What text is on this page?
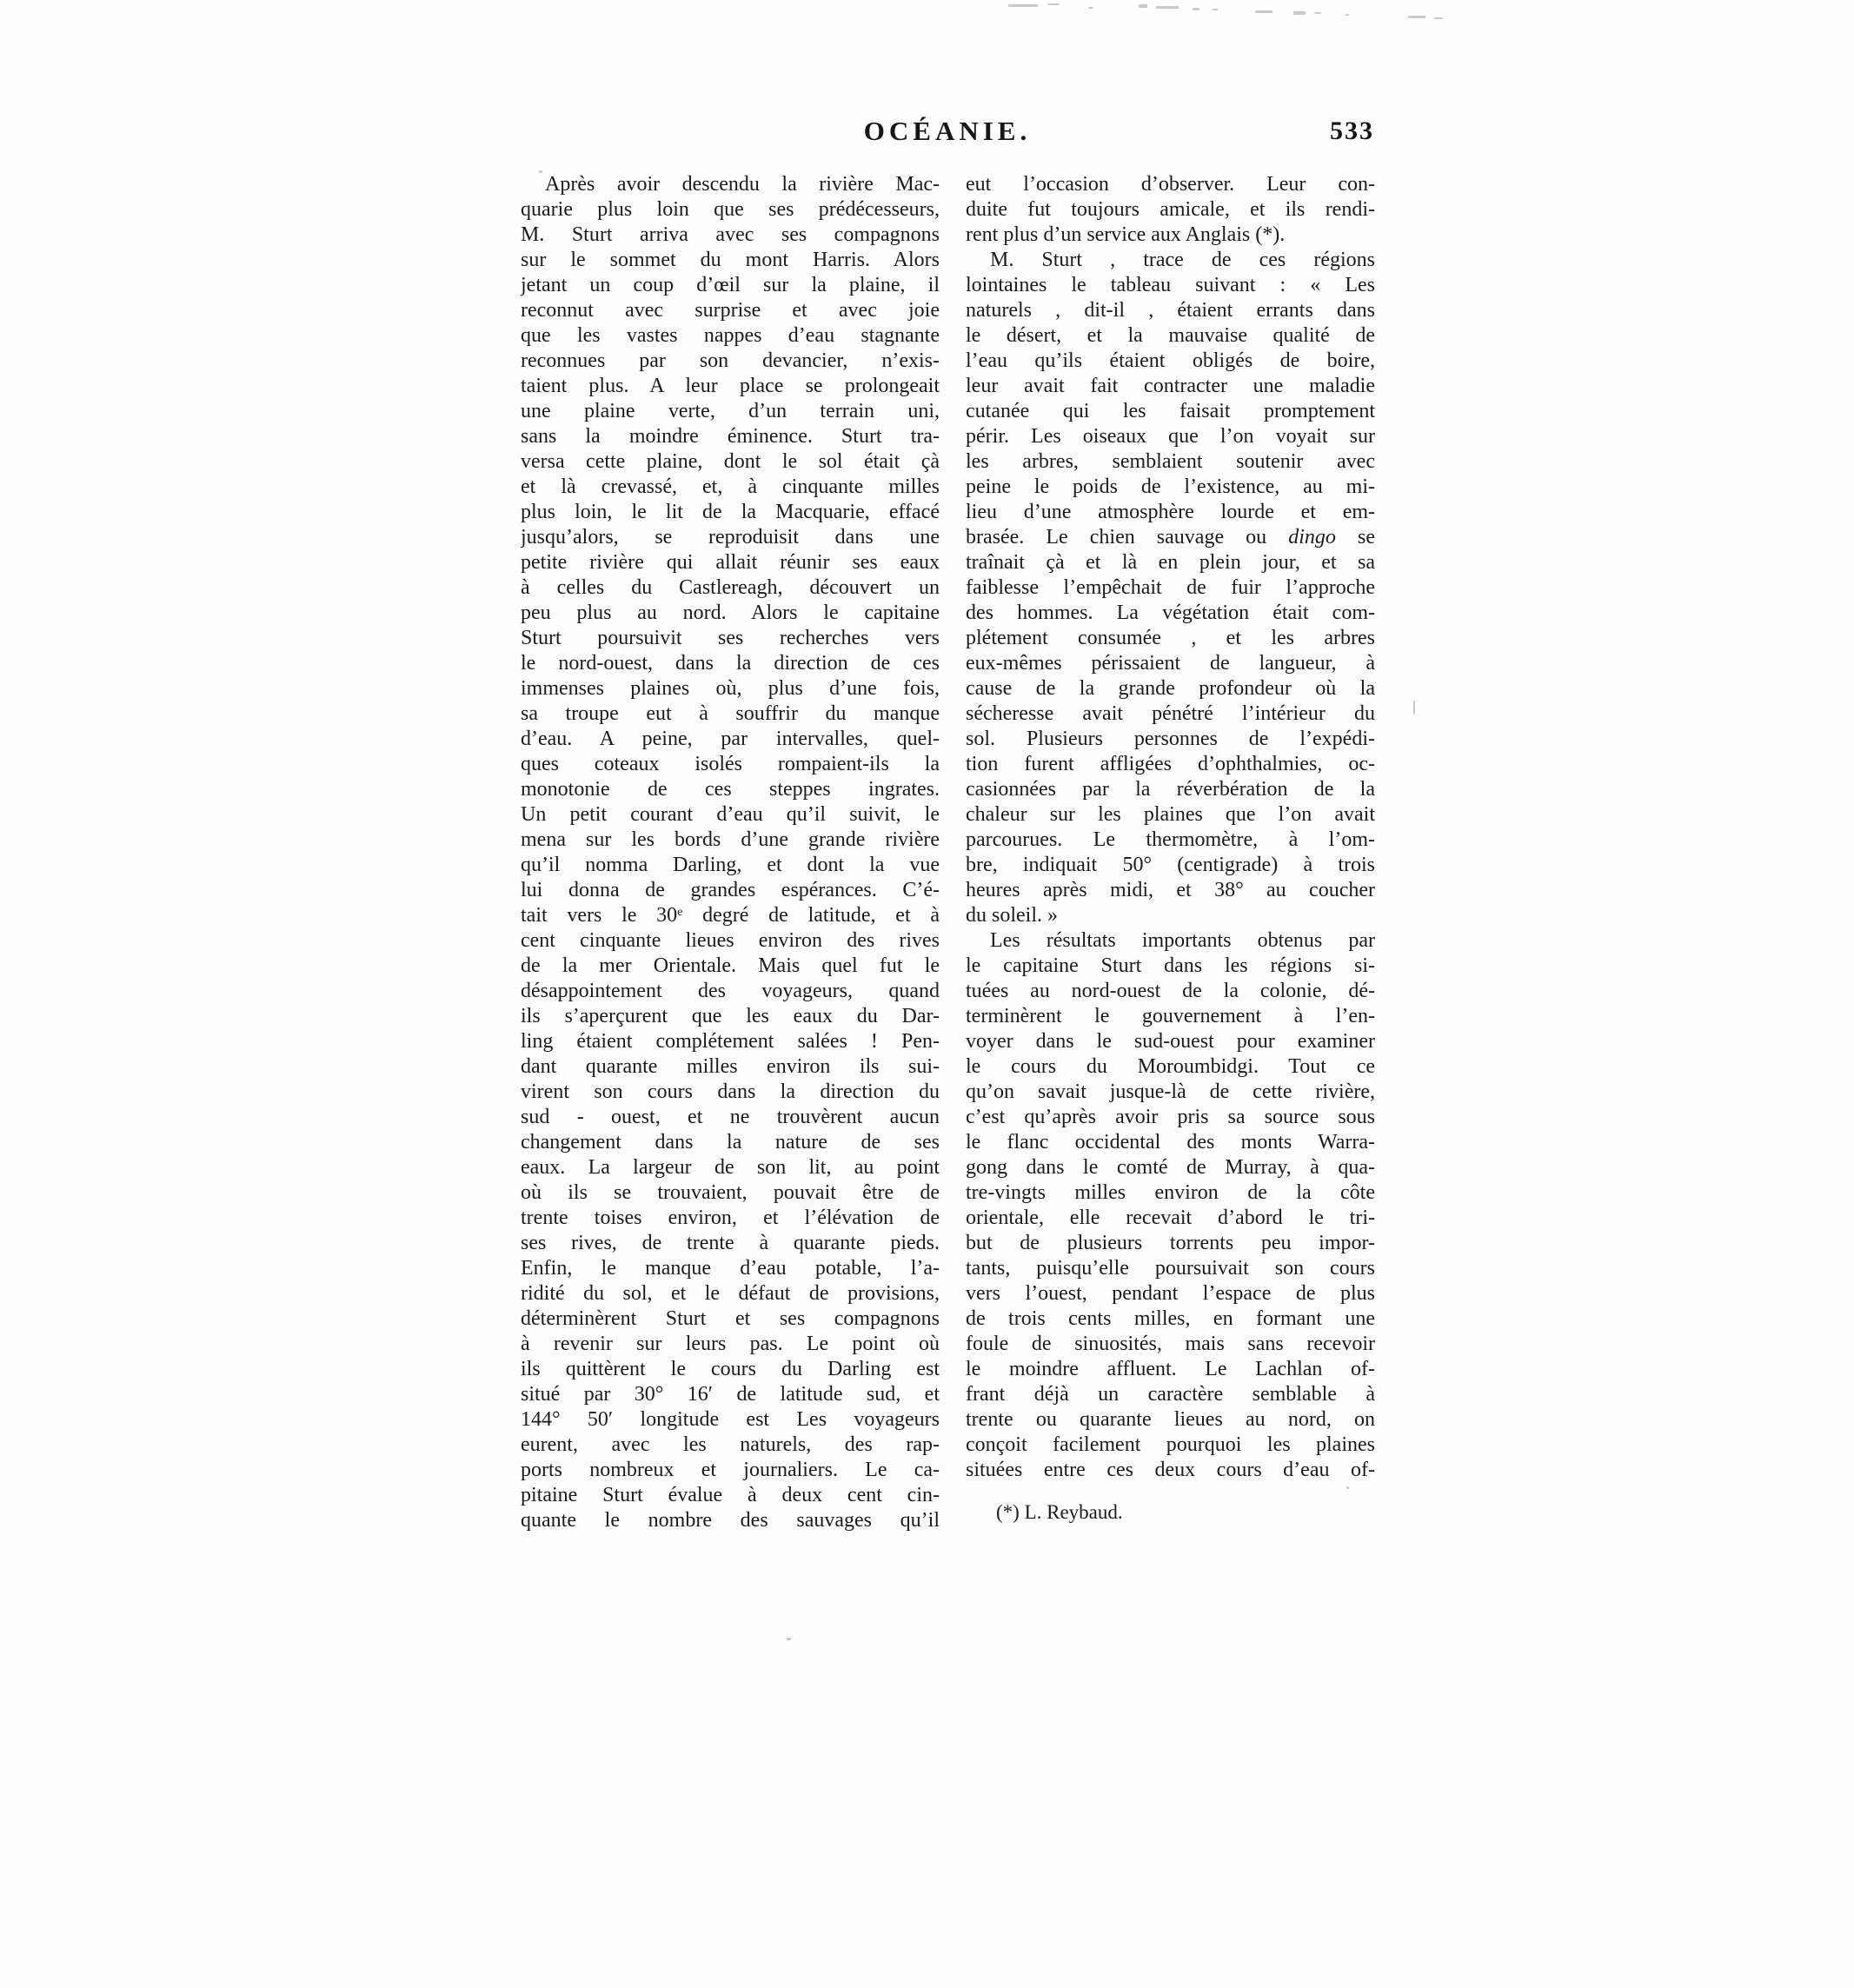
OCÉANIE.	533
Après avoir descendu la rivière Mac-
quarie plus loin que ses prédécesseurs,
M. Sturt arriva avec ses compagnons
sur le sommet du mont Harris. Alors
jetant un coup d’œil sur la plaine, il
reconnut avec surprise et avec joie
que les vastes nappes d’eau stagnante
reconnues par son devancier, n’exis-
taient plus. A leur place se prolongeait
une plaine verte, d’un terrain uni,
sans la moindre éminence. Sturt tra-
versa cette plaine, dont le sol était çà
et là crevassé, et, à cinquante milles
plus loin, le lit de la Macquarie, effacé
jusqu’alors, se reproduisit dans une
petite rivière qui allait réunir ses eaux
à celles du Castlereagh, découvert un
peu plus au nord. Alors le capitaine
Sturt poursuivit ses recherches vers
le nord-ouest, dans la direction de ces
immenses plaines où, plus d’une fois,
sa troupe eut à souffrir du manque
d’eau. A peine, par intervalles, quel-
ques coteaux isolés rompaient-ils la
monotonie de ces steppes ingrates.
Un petit courant d’eau qu’il suivit, le
mena sur les bords d’une grande rivière
qu’il nomma Darling, et dont la vue
lui donna de grandes espérances. C’é-
tait vers le 30e degré de latitude, et à
cent cinquante lieues environ des rives
de la mer Orientale. Mais quel fut le
désappointement des voyageurs, quand
ils s’aperçurent que les eaux du Dar-
ling étaient complétement salées ! Pen-
dant quarante milles environ ils sui-
virent son cours dans la direction du
sud - ouest, et ne trouvèrent aucun
changement dans la nature de ses
eaux. La largeur de son lit, au point
où ils se trouvaient, pouvait être de
trente toises environ, et l’élévation de
ses rives, de trente à quarante pieds.
Enfin, le manque d’eau potable, l’a-
ridité du sol, et le défaut de provisions,
déterminèrent Sturt et ses compagnons
à revenir sur leurs pas. Le point où
ils quittèrent le cours du Darling est
situé par 30° 16′ de latitude sud, et
144° 50′ longitude est Les voyageurs
eurent, avec les naturels, des rap-
ports nombreux et journaliers. Le ca-
pitaine Sturt évalue à deux cent cin-
quante le nombre des sauvages qu’il
eut l’occasion d’observer. Leur con-
duite fut toujours amicale, et ils rendi-
rent plus d’un service aux Anglais (*).
M. Sturt , trace de ces régions
lointaines le tableau suivant : « Les
naturels , dit-il , étaient errants dans
le désert, et la mauvaise qualité de
l’eau qu’ils étaient obligés de boire,
leur avait fait contracter une maladie
cutanée qui les faisait promptement
périr. Les oiseaux que l’on voyait sur
les arbres, semblaient soutenir avec
peine le poids de l’existence, au mi-
lieu d’une atmosphère lourde et em-
brasée. Le chien sauvage ou dingo se
traînait çà et là en plein jour, et sa
faiblesse l’empêchait de fuir l’approche
des hommes. La végétation était com-
plétement consumée , et les arbres
eux-mêmes périssaient de langueur, à
cause de la grande profondeur où la
sécheresse avait pénétré l’intérieur du
sol. Plusieurs personnes de l’expédi-
tion furent affligées d’ophthalmies, oc-
casionnées par la réverbération de la
chaleur sur les plaines que l’on avait
parcourues. Le thermomètre, à l’om-
bre, indiquait 50° (centigrade) à trois
heures après midi, et 38° au coucher
du soleil. »
Les résultats importants obtenus par
le capitaine Sturt dans les régions si-
tuées au nord-ouest de la colonie, dé-
terminèrent le gouvernement à l’en-
voyer dans le sud-ouest pour examiner
le cours du Moroumbidgi. Tout ce
qu’on savait jusque-là de cette rivière,
c’est qu’après avoir pris sa source sous
le flanc occidental des monts Warra-
gong dans le comté de Murray, à qua-
tre-vingts milles environ de la côte
orientale, elle recevait d’abord le tri-
but de plusieurs torrents peu impor-
tants, puisqu’elle poursuivait son cours
vers l’ouest, pendant l’espace de plus
de trois cents milles, en formant une
foule de sinuosités, mais sans recevoir
le moindre affluent. Le Lachlan of-
frant déjà un caractère semblable à
trente ou quarante lieues au nord, on
conçoit facilement pourquoi les plaines
situées entre ces deux cours d’eau of-
(*) L. Reybaud.
